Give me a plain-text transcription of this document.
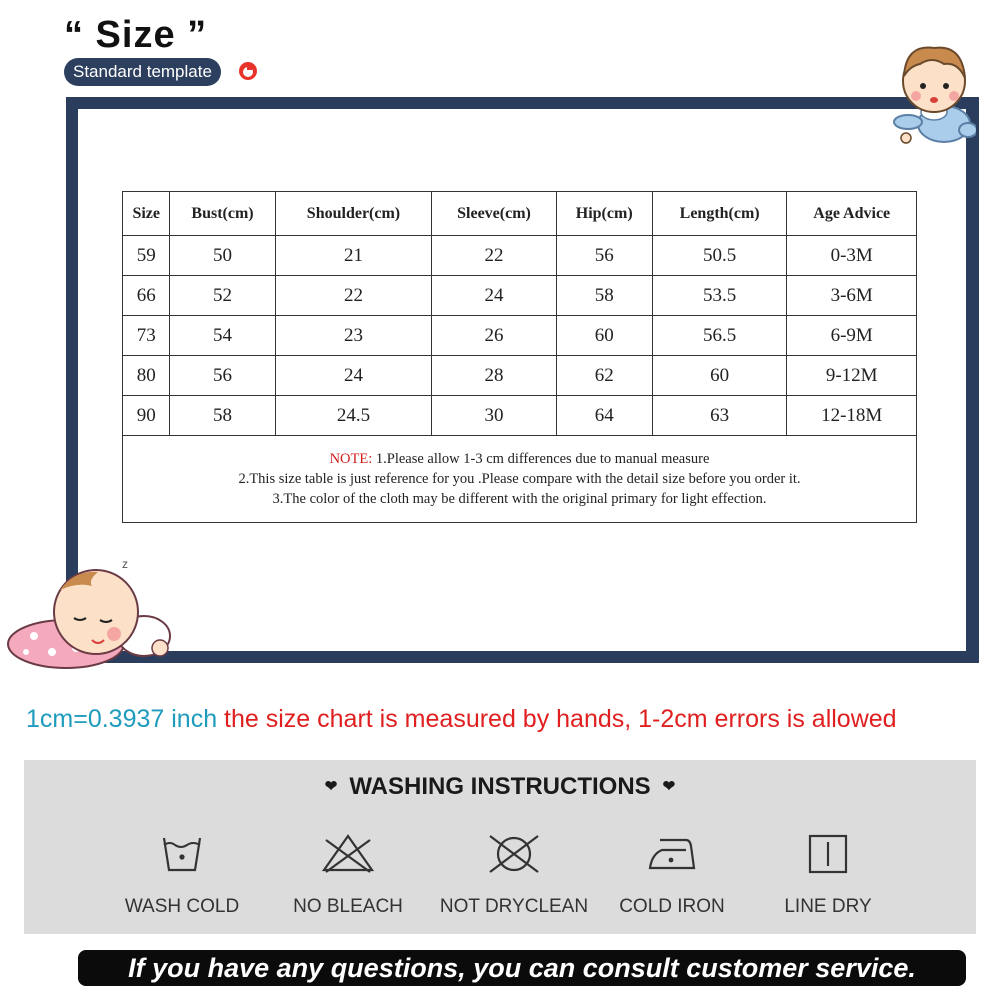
“ Size ”
Standard template
Size	Bust(cm)	Shoulder(cm)	Sleeve(cm)	Hip(cm)	Length(cm)	Age Advice
59	50	21	22	56	50.5	0-3M
66	52	22	24	58	53.5	3-6M
73	54	23	26	60	56.5	6-9M
80	56	24	28	62	60	9-12M
90	58	24.5	30	64	63	12-18M

NOTE: 1.Please allow 1-3 cm differences due to manual measure
2.This size table is just reference for you .Please compare with the detail size before you order it.
3.The color of the cloth may be different with the original primary for light effection.						
z
1cm=0.3937 inch the size chart is measured by hands, 1-2cm errors is allowed
❤ WASHING INSTRUCTIONS ❤
WASH COLD	NO BLEACH	NOT DRYCLEAN	COLD IRON	LINE DRY
If you have any questions, you can consult customer service.
